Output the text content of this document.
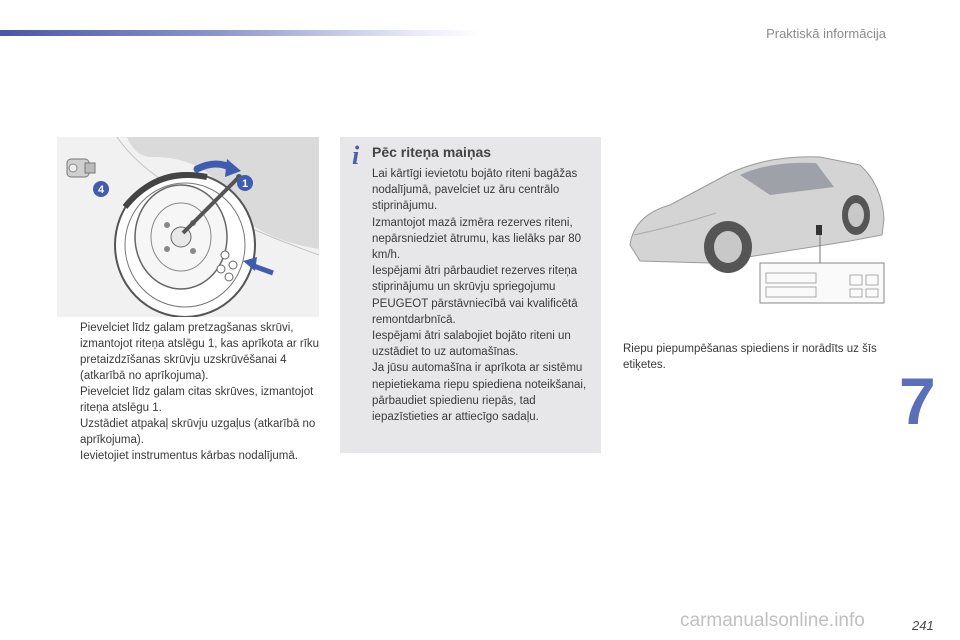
Praktiskā informācija
4	1
Pievelciet līdz galam pretzagšanas skrūvi, izmantojot riteņa atslēgu 1, kas aprīkota ar rīku pretaizdzīšanas skrūvju uzskrūvēšanai 4 (atkarībā no aprīkojuma).
Pievelciet līdz galam citas skrūves, izmantojot riteņa atslēgu 1.
Uzstādiet atpakaļ skrūvju uzgaļus (atkarībā no aprīkojuma).
Ievietojiet instrumentus kārbas nodalījumā.
i Pēc riteņa maiņas

Lai kārtīgi ievietotu bojāto riteni bagāžas nodalījumā, pavelciet uz āru centrālo stiprinājumu.

Izmantojot mazā izmēra rezerves riteni, nepārsniedziet ātrumu, kas lielāks par 80 km/h.

Iespējami ātri pārbaudiet rezerves riteņa stiprinājumu un skrūvju spriegojumu PEUGEOT pārstāvniecībā vai kvalificētā remontdarbnīcā.

Iespējami ātri salabojiet bojāto riteni un uzstādiet to uz automašīnas.

Ja jūsu automašīna ir aprīkota ar sistēmu nepietiekama riepu spiediena noteikšanai, pārbaudiet spiedienu riepās, tad iepazīstieties ar attiecīgo sadaļu.

Riepu piepumpēšanas spiediens ir norādīts uz šīs etiķetes.	7
241
carmanualsonline.info
